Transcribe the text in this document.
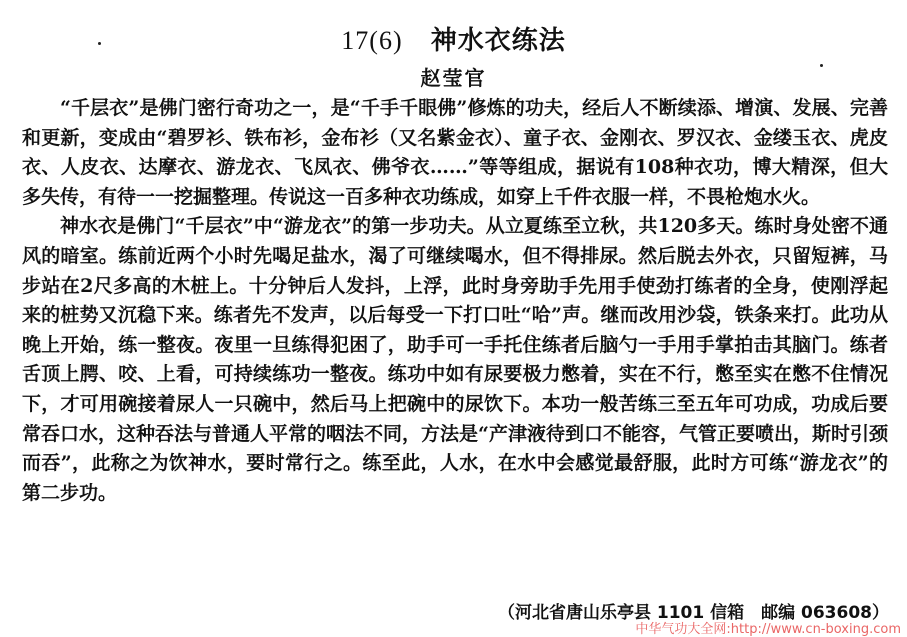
17(6) 神水衣练法
赵莹官

“千层衣”是佛门密行奇功之一，是“千手千眼佛”修炼的功夫，经后人不断续添、增演、发展、完善和更新，变成由“碧罗衫、铁布衫，金布衫（又名紫金衣）、童子衣、金刚衣、罗汉衣、金缕玉衣、虎皮衣、人皮衣、达摩衣、游龙衣、飞凤衣、佛爷衣……”等等组成，据说有108种衣功，博大精深，但大多失传，有待一一挖掘整理。传说这一百多种衣功练成，如穿上千件衣服一样，不畏枪炮水火。

神水衣是佛门“千层衣”中“游龙衣”的第一步功夫。从立夏练至立秋，共120多天。练时身处密不通风的暗室。练前近两个小时先喝足盐水，渴了可继续喝水，但不得排尿。然后脱去外衣，只留短裤，马步站在2尺多高的木桩上。十分钟后人发抖，上浮，此时身旁助手先用手使劲打练者的全身，使刚浮起来的桩势又沉稳下来。练者先不发声，以后每受一下打口吐“哈”声。继而改用沙袋，铁条来打。此功从晚上开始，练一整夜。夜里一旦练得犯困了，助手可一手托住练者后脑勺一手用手掌拍击其脑门。练者舌顶上腭、咬、上看，可持续练功一整夜。练功中如有尿要极力憋着，实在不行，憋至实在憋不住情况下，才可用碗接着尿人一只碗中，然后马上把碗中的尿饮下。本功一般苦练三至五年可功成，功成后要常吞口水，这种吞法与普通人平常的咽法不同，方法是“产津液待到口不能容，气管正要喷出，斯时引颈而吞”，此称之为饮神水，要时常行之。练至此，人水，在水中会感觉最舒服，此时方可练“游龙衣”的第二步功。

（河北省唐山乐亭县 1101 信箱　邮编 063608）
中华气功大全网:http://www.cn-boxing.com
